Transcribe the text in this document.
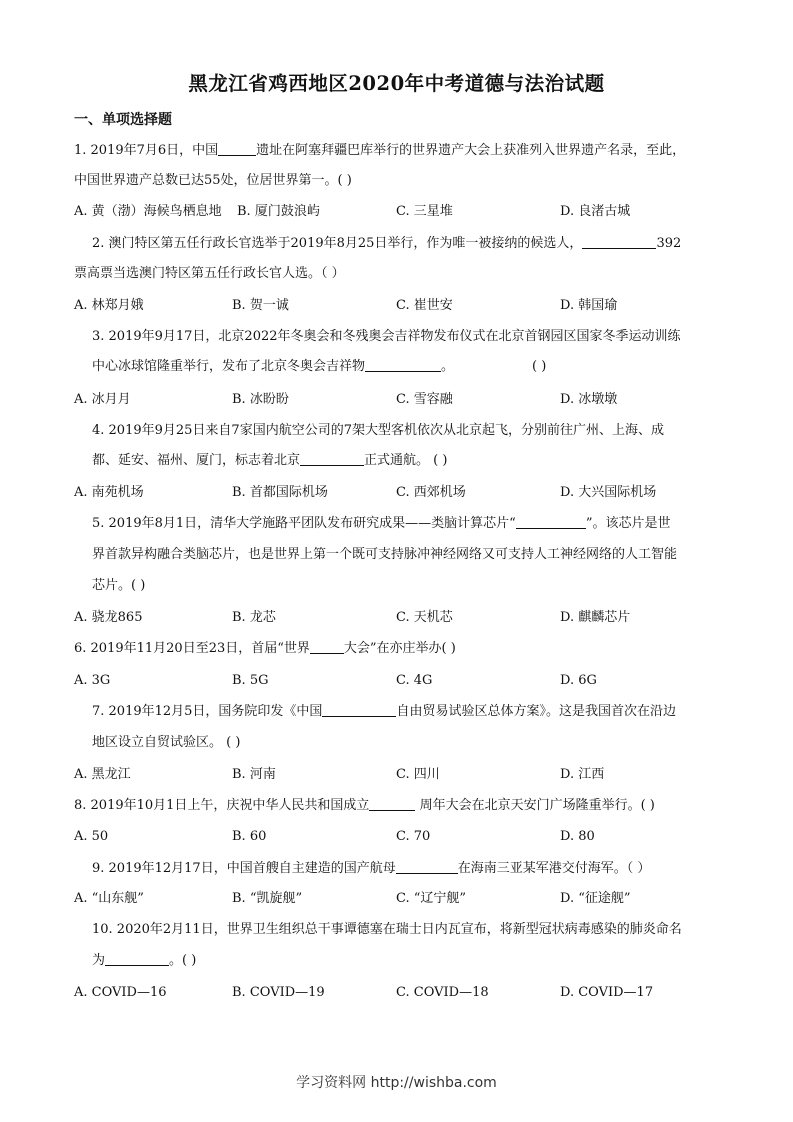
黑龙江省鸡西地区2020年中考道德与法治试题
一、单项选择题
1. 2019年7月6日，中国	遗址在阿塞拜疆巴库举行的世界遗产大会上获准列入世界遗产名录，至此，
中国世界遗产总数已达55处，位居世界第一。( )
A. 黄（渤）海候鸟栖息地 B. 厦门鼓浪屿	C. 三星堆	D. 良渚古城
2. 澳门特区第五任行政长官选举于2019年8月25日举行，作为唯一被接纳的候选人，	392
票高票当选澳门特区第五任行政长官人选。（ ）
A. 林郑月娥	B. 贺一诚	C. 崔世安	D. 韩国瑜
3. 2019年9月17日，北京2022年冬奥会和冬残奥会吉祥物发布仪式在北京首钢园区国家冬季运动训练
中心冰球馆隆重举行，发布了北京冬奥会吉祥物	。	( )
A. 冰月月	B. 冰盼盼	C. 雪容融	D. 冰墩墩
4. 2019年9月25日来自7家国内航空公司的7架大型客机依次从北京起飞，分别前往广州、上海、成
都、延安、福州、厦门，标志着北京	正式通航。 ( )
A. 南苑机场	B. 首都国际机场	C. 西郊机场	D. 大兴国际机场
5. 2019年8月1日，清华大学施路平团队发布研究成果——类脑计算芯片“	”。该芯片是世
界首款异构融合类脑芯片，也是世界上第一个既可支持脉冲神经网络又可支持人工神经网络的人工智能
芯片。( )
A. 骁龙865	B. 龙芯	C. 天机芯	D. 麒麟芯片
6. 2019年11月20日至23日，首届“世界	大会”在亦庄举办( )
A. 3G	B. 5G	C. 4G	D. 6G
7. 2019年12月5日，国务院印发《中国	自由贸易试验区总体方案》。这是我国首次在沿边
地区设立自贸试验区。 ( )
A. 黑龙江	B. 河南	C. 四川	D. 江西
8. 2019年10月1日上午，庆祝中华人民共和国成立	周年大会在北京天安门广场隆重举行。( )
A. 50	B. 60	C. 70	D. 80
9. 2019年12月17日，中国首艘自主建造的国产航母	在海南三亚某军港交付海军。（ ）
A. “山东舰”	B. “凯旋舰”	C. “辽宁舰”	D. “征途舰”
10. 2020年2月11日，世界卫生组织总干事谭德塞在瑞士日内瓦宣布，将新型冠状病毒感染的肺炎命名
为	。( )
A. COVID—16	B. COVID—19	C. COVID—18	D. COVID—17
学习资料网 http://wishba.com
